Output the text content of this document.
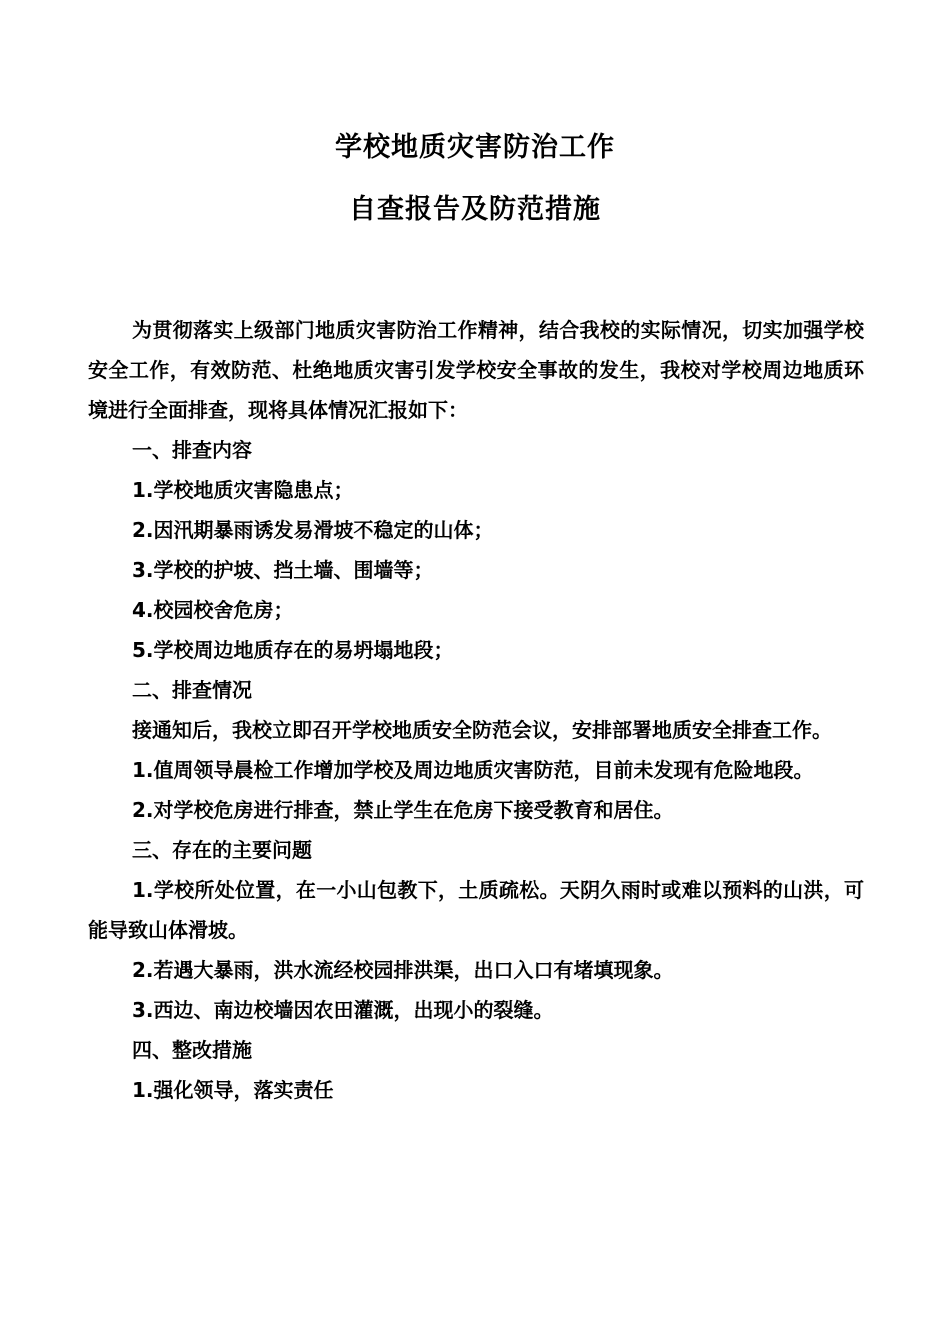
学校地质灾害防治工作
自查报告及防范措施

为贯彻落实上级部门地质灾害防治工作精神，结合我校的实际情况，切实加强学校安全工作，有效防范、杜绝地质灾害引发学校安全事故的发生，我校对学校周边地质环境进行全面排查，现将具体情况汇报如下：

一、排查内容

1.学校地质灾害隐患点；

2.因汛期暴雨诱发易滑坡不稳定的山体；

3.学校的护坡、挡土墙、围墙等；

4.校园校舍危房；

5.学校周边地质存在的易坍塌地段；

二、排查情况

接通知后，我校立即召开学校地质安全防范会议，安排部署地质安全排查工作。

1.值周领导晨检工作增加学校及周边地质灾害防范，目前未发现有危险地段。

2.对学校危房进行排查，禁止学生在危房下接受教育和居住。

三、存在的主要问题

1.学校所处位置，在一小山包教下，土质疏松。天阴久雨时或难以预料的山洪，可能导致山体滑坡。

2.若遇大暴雨，洪水流经校园排洪渠，出口入口有堵填现象。

3.西边、南边校墙因农田灌溉，出现小的裂缝。

四、整改措施

1.强化领导，落实责任
